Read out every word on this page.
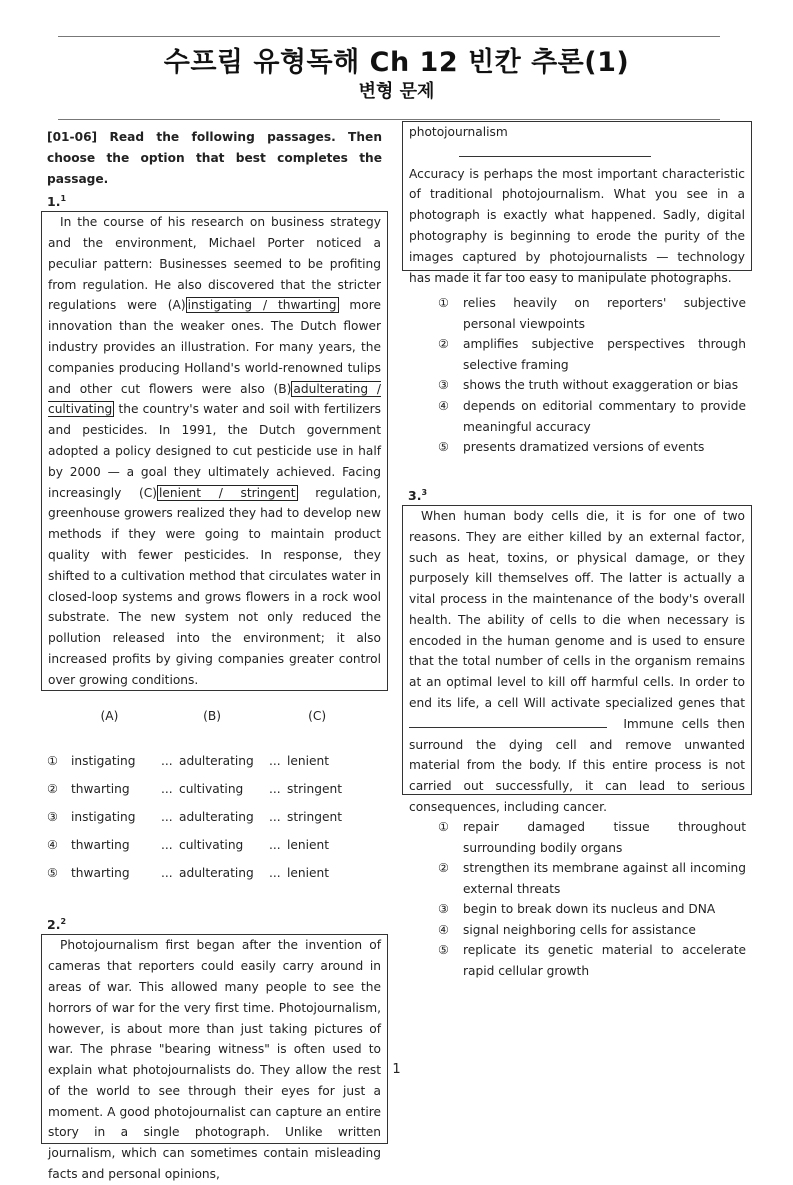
수프림 유형독해 Ch 12 빈칸 추론(1)
변형 문제
[01-06] Read the following passages. Then choose the option that best completes the passage.
1.$^1$

In the course of his research on business strategy and the environment, Michael Porter noticed a peculiar pattern: Businesses seemed to be profiting from regulation. He also discovered that the stricter regulations were (A) instigating / thwarting more innovation than the weaker ones. The Dutch flower industry provides an illustration. For many years, the companies producing Holland's world-renowned tulips and other cut flowers were also (B) adulterating / cultivating the country's water and soil with fertilizers and pesticides. In 1991, the Dutch government adopted a policy designed to cut pesticide use in half by 2000 — a goal they ultimately achieved. Facing increasingly (C) lenient / stringent regulation, greenhouse growers realized they had to develop new methods if they were going to maintain product quality with fewer pesticides. In response, they shifted to a cultivation method that circulates water in closed-loop systems and grows flowers in a rock wool substrate. The new system not only reduced the pollution released into the environment; it also increased profits by giving companies greater control over growing conditions.

(A)	(B)	(C)
①	instigating	... adulterating	... lenient
②	thwarting	... cultivating	... stringent
③	instigating	... adulterating	... stringent
④	thwarting	... cultivating	... lenient
⑤	thwarting	... adulterating	... lenient
2.$^2$

Photojournalism first began after the invention of cameras that reporters could easily carry around in areas of war. This allowed many people to see the horrors of war for the very first time. Photojournalism, however, is about more than just taking pictures of war. The phrase "bearing witness" is often used to explain what photojournalists do. They allow the rest of the world to see through their eyes for just a moment. A good photojournalist can capture an entire story in a single photograph. Unlike written journalism, which can sometimes contain misleading facts and personal opinions,

photojournalism

Accuracy is perhaps the most important characteristic of traditional photojournalism. What you see in a photograph is exactly what happened. Sadly, digital photography is beginning to erode the purity of the images captured by photojournalists — technology has made it far too easy to manipulate photographs.

①	relies heavily on reporters' subjective personal viewpoints
②	amplifies subjective perspectives through selective framing
③	shows the truth without exaggeration or bias
④	depends on editorial commentary to provide meaningful accuracy
⑤	presents dramatized versions of events
3.$^3$

When human body cells die, it is for one of two reasons. They are either killed by an external factor, such as heat, toxins, or physical damage, or they purposely kill themselves off. The latter is actually a vital process in the maintenance of the body's overall health. The ability of cells to die when necessary is encoded in the human genome and is used to ensure that the total number of cells in the organism remains at an optimal level to kill off harmful cells. In order to end its life, a cell Will activate specialized genes that   Immune cells then surround the dying cell and remove unwanted material from the body. If this entire process is not carried out successfully, it can lead to serious consequences, including cancer.

①	repair damaged tissue throughout surrounding bodily organs
②	strengthen its membrane against all incoming external threats
③	begin to break down its nucleus and DNA
④	signal neighboring cells for assistance
⑤	replicate its genetic material to accelerate rapid cellular growth
1
